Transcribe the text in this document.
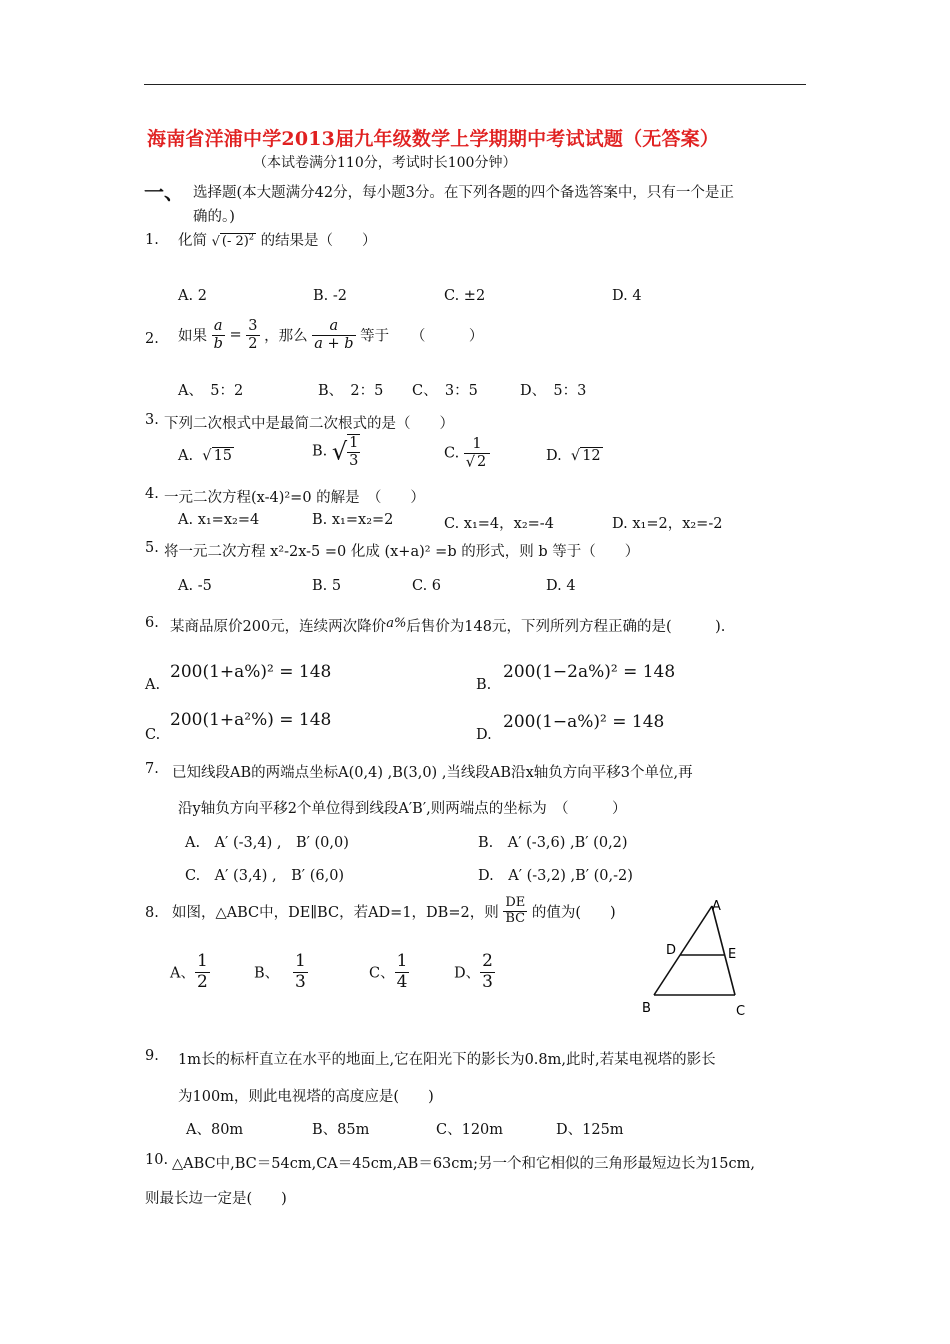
海南省洋浦中学2013届九年级数学上学期期中考试试题（无答案）
（本试卷满分110分，考试时长100分钟）
一、 选择题(本大题满分42分，每小题3分。在下列各题的四个备选答案中，只有一个是正
确的。)
1. 化简 √ (- 2)$^2$ 的结果是（　　）
A. 2	B. -2	C. ±2	D. 4
2. 如果 $\frac{a}{b} = \frac{3}{2}$ ，那么 $\frac{a}{a + b}$ 等于　　（　　　）
A、　5：2	B、　2：5 C、　3：5	D、　5：3
3. 下列二次根式中是最简二次根式的是（　　）
A.  √ 15	B. √ $\frac{1}{3}$	C. $\frac{1}{√ 2}$	D.  √ 12
4. 一元二次方程(x-4)²=0 的解是　（　　）
A. x₁=x₂=4	B. x₁=x₂=2	C. x₁=4，x₂=-4	D. x₁=2，x₂=-2
5. 将一元二次方程 x²-2x-5 =0 化成 (x+a)² =b 的形式，则 b 等于（　　）
A. -5	B. 5	C. 6	D. 4
6. 某商品原价200元，连续两次降价a%后售价为148元，下列所列方程正确的是(　　　).
A.
200(1+a%)² = 148
B.
200(1−2a%)² = 148
C.
200(1+a²%) = 148
D.
200(1−a%)² = 148
7. 已知线段AB的两端点坐标A(0,4) ,B(3,0) ,当线段AB沿x轴负方向平移3个单位,再
沿y轴负方向平移2个单位得到线段A′B′,则两端点的坐标为　（　　　）
A.　A′ (-3,4) ,　B′ (0,0)	B.　A′ (-3,6) ,B′ (0,2)
C.　A′ (3,4) ,　B′ (6,0)	D.　A′ (-3,2) ,B′ (0,-2)
8. 如图，△ABC中，DE∥BC，若AD=1，DB=2，则 $\frac{DE}{BC}$ 的值为(　　)
A、 $\frac{1}{2}$	B、 $\frac{1}{3}$	C、 $\frac{1}{4}$	D、 $\frac{2}{3}$
A
D	E
B	C
9. 1m长的标杆直立在水平的地面上,它在阳光下的影长为0.8m,此时,若某电视塔的影长
为100m，则此电视塔的高度应是(　　)
A、80m	B、85m	C、120m	D、125m
10. △ABC中,BC＝54cm,CA＝45cm,AB＝63cm;另一个和它相似的三角形最短边长为15cm,
则最长边一定是(　　)
